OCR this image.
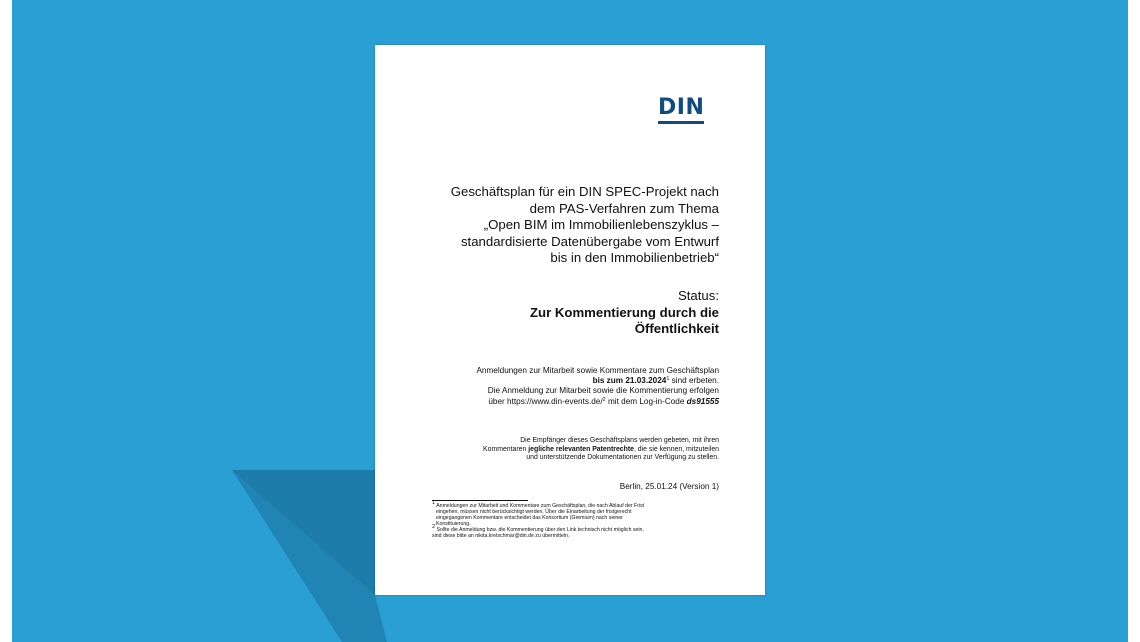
DIN
Geschäftsplan für ein DIN SPEC-Projekt nach
dem PAS-Verfahren zum Thema
„Open BIM im Immobilienlebenszyklus –
standardisierte Datenübergabe vom Entwurf
bis in den Immobilienbetrieb“
Status:
Zur Kommentierung durch die
Öffentlichkeit
Anmeldungen zur Mitarbeit sowie Kommentare zum Geschäftsplan
bis zum 21.03.2024$^1$ sind erbeten.
Die Anmeldung zur Mitarbeit sowie die Kommentierung erfolgen
über https://www.din-events.de/$^2$ mit dem Log-in-Code ds91555
Die Empfänger dieses Geschäftsplans werden gebeten, mit ihren
Kommentaren jegliche relevanten Patentrechte, die sie kennen, mitzuteilen
und unterstützende Dokumentationen zur Verfügung zu stellen.
Berlin, 25.01.24 (Version 1)
$^1$ Anmeldungen zur Mitarbeit und Kommentare zum Geschäftsplan, die nach Ablauf der Frist
eingehen, müssen nicht berücksichtigt werden. Über die Einarbeitung der fristgerecht
eingegangenen Kommentare entscheidet das Konsortium (Gremium) nach seiner
Konstituierung.
$^2$ Sollte die Anmeldung bzw. die Kommentierung über den Link technisch nicht möglich sein,
sind diese bitte an nikita.kretschmar@din.de zu übermitteln.
